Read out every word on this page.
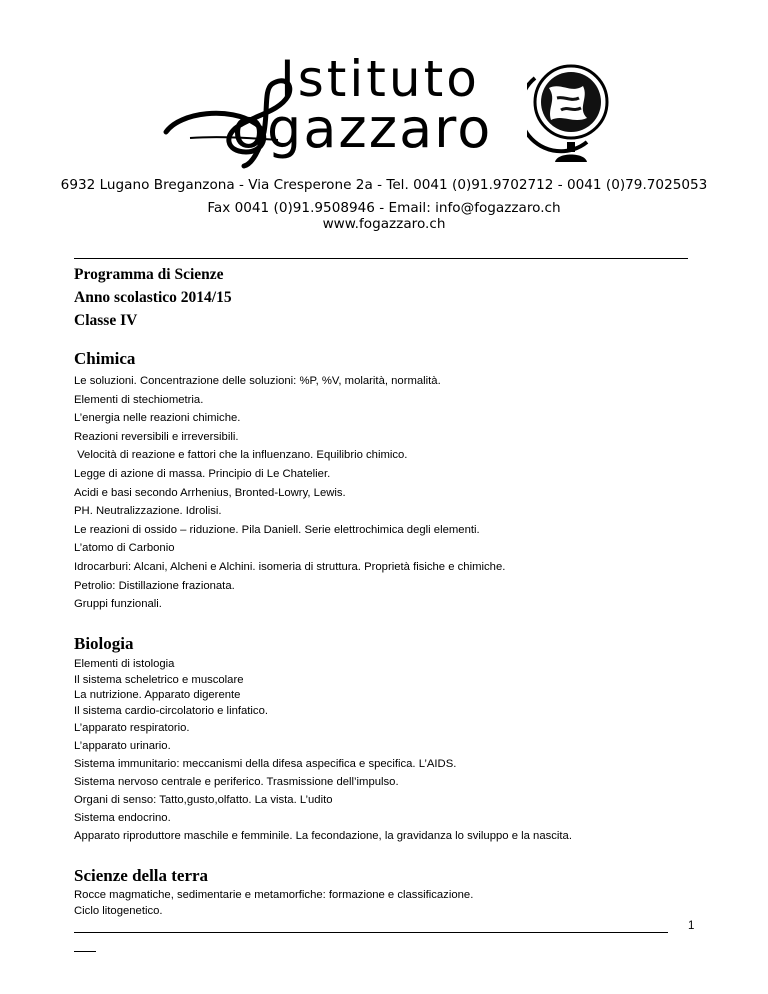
Istituto
ogazzaro
6932 Lugano Breganzona - Via Cresperone 2a - Tel. 0041 (0)91.9702712 - 0041 (0)79.7025053
Fax 0041 (0)91.9508946 - Email: info@fogazzaro.ch
www.fogazzaro.ch
Programma di Scienze
Anno scolastico 2014/15
Classe IV
Chimica
Le soluzioni. Concentrazione delle soluzioni: %P, %V, molarità, normalità.
Elementi di stechiometria.
L’energia nelle reazioni chimiche.
Reazioni reversibili e irreversibili.
Velocità di reazione e fattori che la influenzano. Equilibrio chimico.
Legge di azione di massa. Principio di Le Chatelier.
Acidi e basi secondo Arrhenius, Bronted-Lowry, Lewis.
PH. Neutralizzazione. Idrolisi.
Le reazioni di ossido – riduzione. Pila Daniell. Serie elettrochimica degli elementi.
L’atomo di Carbonio
Idrocarburi: Alcani, Alcheni e Alchini. isomeria di struttura. Proprietà fisiche e chimiche.
Petrolio: Distillazione frazionata.
Gruppi funzionali.
Biologia
Elementi di istologia
Il sistema scheletrico e muscolare
La nutrizione. Apparato digerente
Il sistema cardio-circolatorio e linfatico.
L’apparato respiratorio.
L’apparato urinario.
Sistema immunitario: meccanismi della difesa aspecifica e specifica. L’AIDS.
Sistema nervoso centrale e periferico. Trasmissione dell’impulso.
Organi di senso: Tatto,gusto,olfatto. La vista. L’udito
Sistema endocrino.
Apparato riproduttore maschile e femminile. La fecondazione, la gravidanza lo sviluppo e la nascita.
Scienze della terra
Rocce magmatiche, sedimentarie e metamorfiche: formazione e classificazione.
Ciclo litogenetico.
1
